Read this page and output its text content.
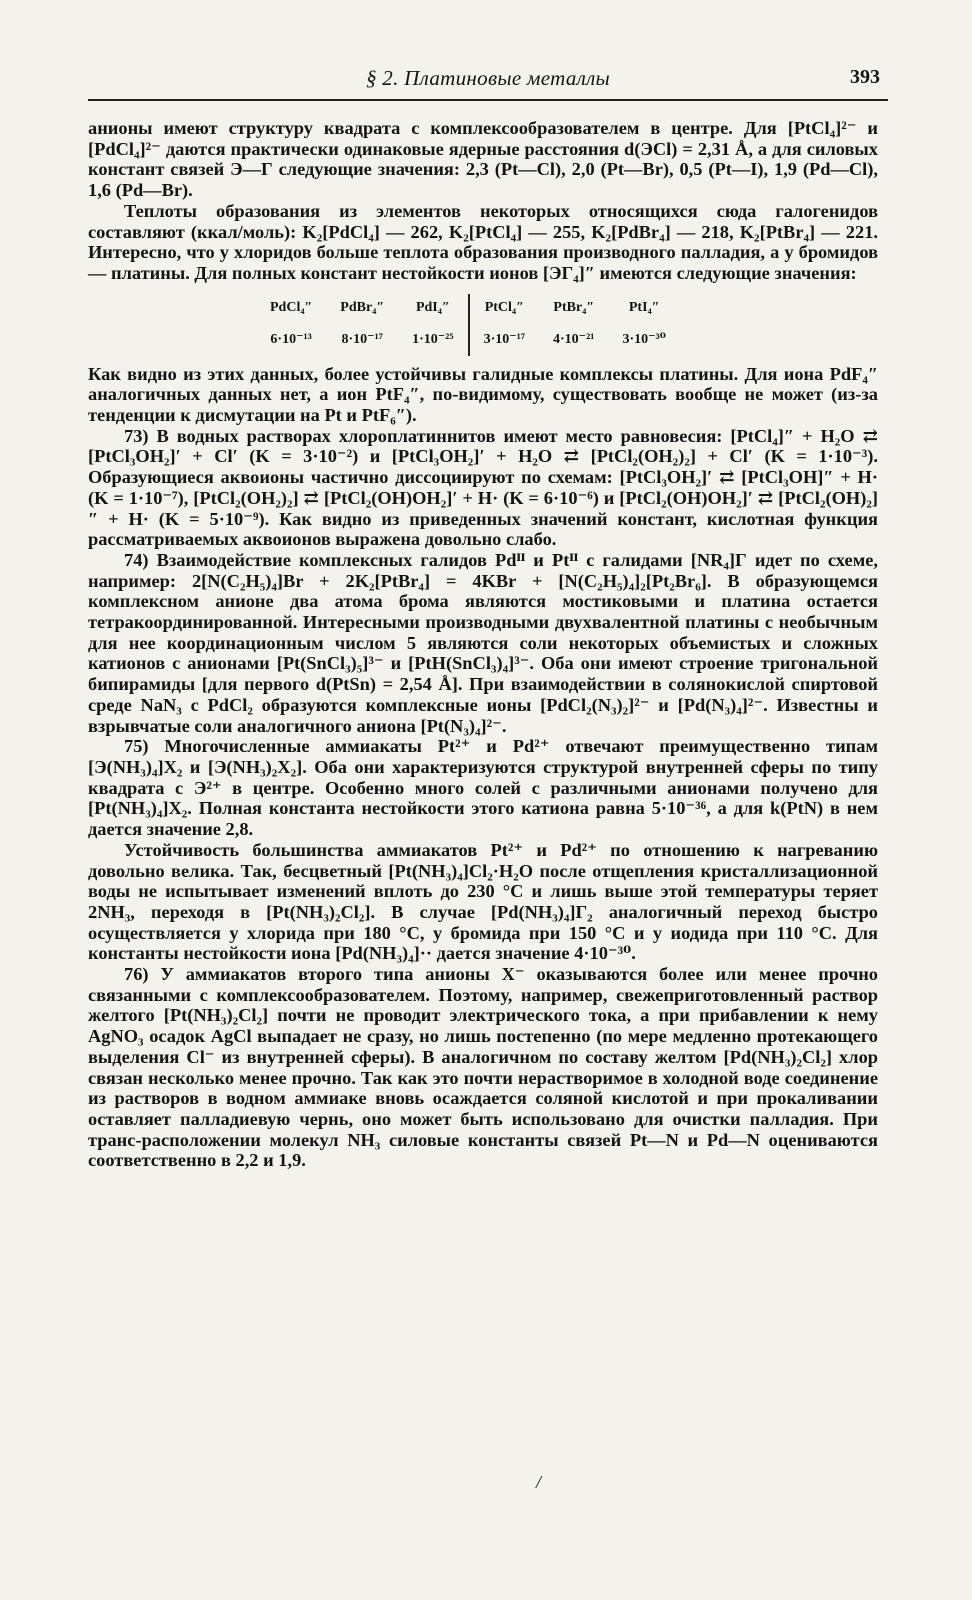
§ 2. Платиновые металлы	393

анионы имеют структуру квадрата с комплексообразователем в центре. Для [PtCl₄]²⁻ и [PdCl₄]²⁻ даются практически одинаковые ядерные расстояния d(ЭCl) = 2,31 Å, а для силовых констант связей Э—Г следующие значения: 2,3 (Pt—Cl), 2,0 (Pt—Br), 0,5 (Pt—I), 1,9 (Pd—Cl), 1,6 (Pd—Br).

Теплоты образования из элементов некоторых относящихся сюда галогенидов составляют (ккал/моль): K₂[PdCl₄] — 262, K₂[PtCl₄] — 255, K₂[PdBr₄] — 218, K₂[PtBr₄] — 221. Интересно, что у хлоридов больше теплота образования производного палладия, а у бромидов — платины. Для полных констант нестойкости ионов [ЭГ₄]″ имеются следующие значения:

PdCl₄″	PdBr₄″	PdI₄″	PtCl₄″	PtBr₄″	PtI₄″
6·10⁻¹³	8·10⁻¹⁷	1·10⁻²⁵	3·10⁻¹⁷	4·10⁻²¹	3·10⁻³⁰

Как видно из этих данных, более устойчивы галидные комплексы платины. Для иона PdF₄″ аналогичных данных нет, а ион PtF₄″, по-видимому, существовать вообще не может (из-за тенденции к дисмутации на Pt и PtF₆″).

73) В водных растворах хлороплатиннитов имеют место равновесия: [PtCl₄]″ + H₂O ⇄ [PtCl₃OH₂]′ + Cl′ (K = 3·10⁻²) и [PtCl₃OH₂]′ + H₂O ⇄ [PtCl₂(OH₂)₂] + Cl′ (K = 1·10⁻³). Образующиеся аквоионы частично диссоциируют по схемам: [PtCl₃OH₂]′ ⇄ [PtCl₃OH]″ + H· (K = 1·10⁻⁷), [PtCl₂(OH₂)₂] ⇄ [PtCl₂(OH)OH₂]′ + H· (K = 6·10⁻⁶) и [PtCl₂(OH)OH₂]′ ⇄ [PtCl₂(OH)₂]″ + H· (K = 5·10⁻⁹). Как видно из приведенных значений констант, кислотная функция рассматриваемых аквоионов выражена довольно слабо.

74) Взаимодействие комплексных галидов Pdᴵᴵ и Ptᴵᴵ с галидами [NR₄]Г идет по схеме, например: 2[N(C₂H₅)₄]Br + 2K₂[PtBr₄] = 4KBr + [N(C₂H₅)₄]₂[Pt₂Br₆]. В образующемся комплексном анионе два атома брома являются мостиковыми и платина остается тетракоординированной. Интересными производными двухвалентной платины с необычным для нее координационным числом 5 являются соли некоторых объемистых и сложных катионов с анионами [Pt(SnCl₃)₅]³⁻ и [PtH(SnCl₃)₄]³⁻. Оба они имеют строение тригональной бипирамиды [для первого d(PtSn) = 2,54 Å]. При взаимодействии в солянокислой спиртовой среде NaN₃ с PdCl₂ образуются комплексные ионы [PdCl₂(N₃)₂]²⁻ и [Pd(N₃)₄]²⁻. Известны и взрывчатые соли аналогичного аниона [Pt(N₃)₄]²⁻.

75) Многочисленные аммиакаты Pt²⁺ и Pd²⁺ отвечают преимущественно типам [Э(NH₃)₄]X₂ и [Э(NH₃)₂X₂]. Оба они характеризуются структурой внутренней сферы по типу квадрата с Э²⁺ в центре. Особенно много солей с различными анионами получено для [Pt(NH₃)₄]X₂. Полная константа нестойкости этого катиона равна 5·10⁻³⁶, а для k(PtN) в нем дается значение 2,8.

Устойчивость большинства аммиакатов Pt²⁺ и Pd²⁺ по отношению к нагреванию довольно велика. Так, бесцветный [Pt(NH₃)₄]Cl₂·H₂O после отщепления кристаллизационной воды не испытывает изменений вплоть до 230 °C и лишь выше этой температуры теряет 2NH₃, переходя в [Pt(NH₃)₂Cl₂]. В случае [Pd(NH₃)₄]Г₂ аналогичный переход быстро осуществляется у хлорида при 180 °C, у бромида при 150 °C и у иодида при 110 °C. Для константы нестойкости иона [Pd(NH₃)₄]·· дается значение 4·10⁻³⁰.

76) У аммиакатов второго типа анионы X⁻ оказываются более или менее прочно связанными с комплексообразователем. Поэтому, например, свежеприготовленный раствор желтого [Pt(NH₃)₂Cl₂] почти не проводит электрического тока, а при прибавлении к нему AgNO₃ осадок AgCl выпадает не сразу, но лишь постепенно (по мере медленно протекающего выделения Cl⁻ из внутренней сферы). В аналогичном по составу желтом [Pd(NH₃)₂Cl₂] хлор связан несколько менее прочно. Так как это почти нерастворимое в холодной воде соединение из растворов в водном аммиаке вновь осаждается соляной кислотой и при прокаливании оставляет палладиевую чернь, оно может быть использовано для очистки палладия. При транс-расположении молекул NH₃ силовые константы связей Pt—N и Pd—N оцениваются соответственно в 2,2 и 1,9.

/
